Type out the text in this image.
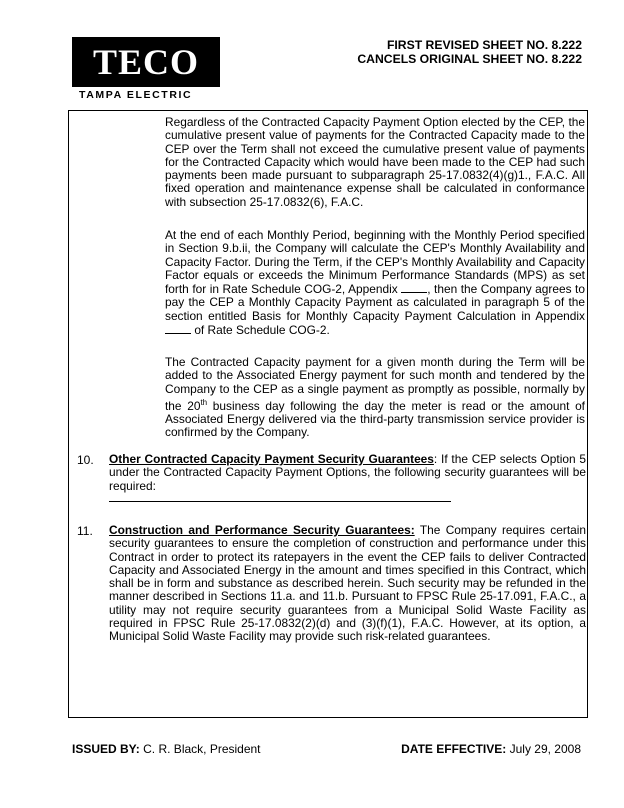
TECO
TAMPA ELECTRIC
FIRST REVISED SHEET NO. 8.222
CANCELS ORIGINAL SHEET NO. 8.222
Regardless of the Contracted Capacity Payment Option elected by the CEP, the cumulative present value of payments for the Contracted Capacity made to the CEP over the Term shall not exceed the cumulative present value of payments for the Contracted Capacity which would have been made to the CEP had such payments been made pursuant to subparagraph 25-17.0832(4)(g)1., F.A.C. All fixed operation and maintenance expense shall be calculated in conformance with subsection 25-17.0832(6), F.A.C.
At the end of each Monthly Period, beginning with the Monthly Period specified in Section 9.b.ii, the Company will calculate the CEP's Monthly Availability and Capacity Factor. During the Term, if the CEP's Monthly Availability and Capacity Factor equals or exceeds the Minimum Performance Standards (MPS) as set forth for in Rate Schedule COG-2, Appendix , then the Company agrees to pay the CEP a Monthly Capacity Payment as calculated in paragraph 5 of the section entitled Basis for Monthly Capacity Payment Calculation in Appendix  of Rate Schedule COG-2.
The Contracted Capacity payment for a given month during the Term will be added to the Associated Energy payment for such month and tendered by the Company to the CEP as a single payment as promptly as possible, normally by the 20th business day following the day the meter is read or the amount of Associated Energy delivered via the third-party transmission service provider is confirmed by the Company.
10. Other Contracted Capacity Payment Security Guarantees: If the CEP selects Option 5 under the Contracted Capacity Payment Options, the following security guarantees will be required:
11. Construction and Performance Security Guarantees: The Company requires certain security guarantees to ensure the completion of construction and performance under this Contract in order to protect its ratepayers in the event the CEP fails to deliver Contracted Capacity and Associated Energy in the amount and times specified in this Contract, which shall be in form and substance as described herein. Such security may be refunded in the manner described in Sections 11.a. and 11.b. Pursuant to FPSC Rule 25-17.091, F.A.C., a utility may not require security guarantees from a Municipal Solid Waste Facility as required in FPSC Rule 25-17.0832(2)(d) and (3)(f)(1), F.A.C. However, at its option, a Municipal Solid Waste Facility may provide such risk-related guarantees.
ISSUED BY: C. R. Black, President	DATE EFFECTIVE: July 29, 2008
